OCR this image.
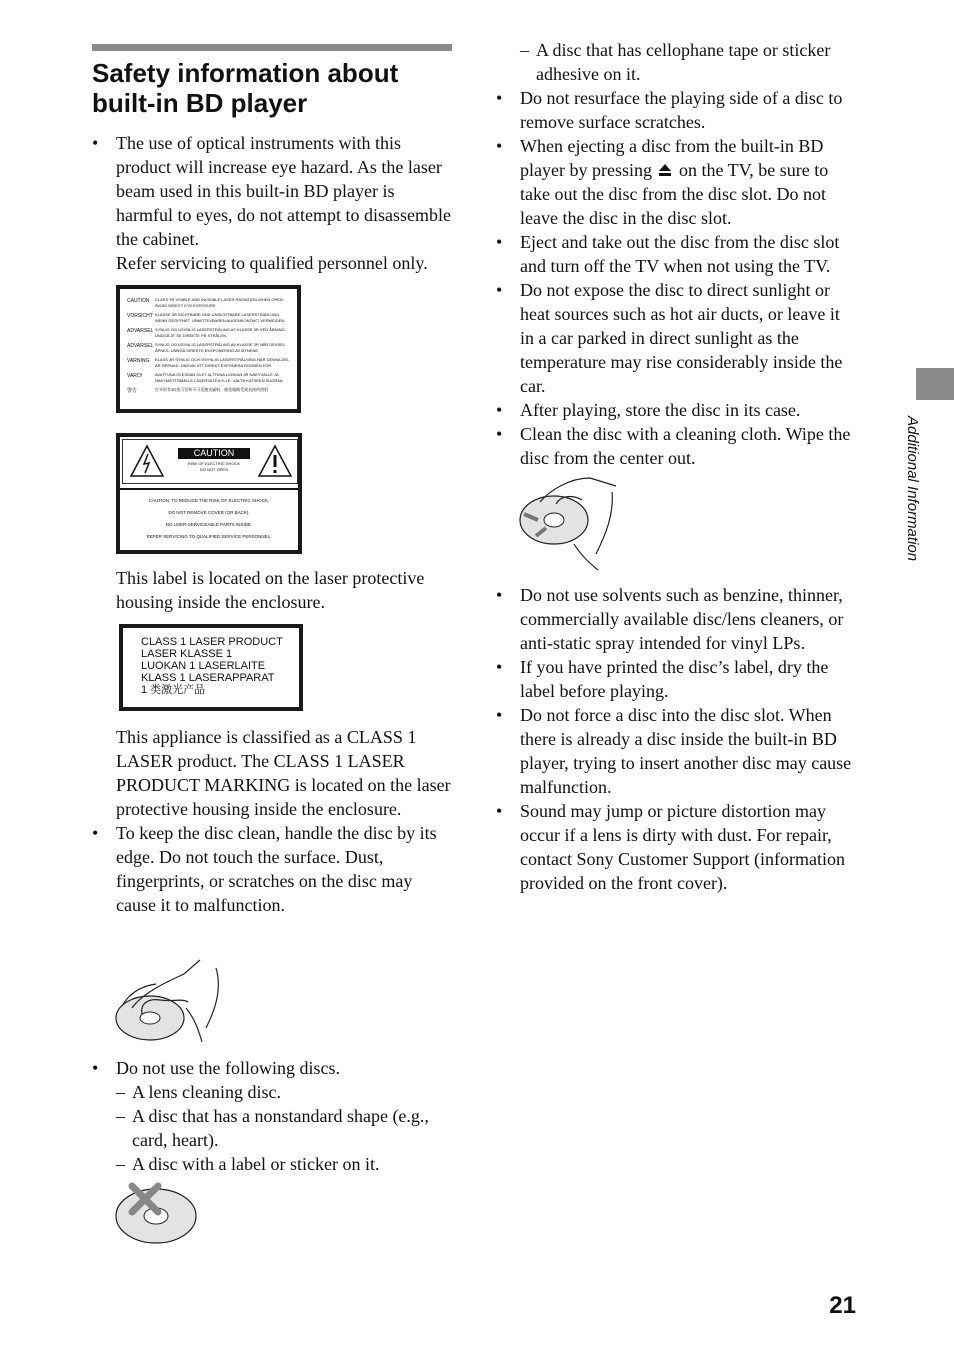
Safety information about built-in BD player
• The use of optical instruments with this product will increase eye hazard. As the laser beam used in this built-in BD player is harmful to eyes, do not attempt to disassemble the cabinet.
Refer servicing to qualified personnel only.
CAUTION	CLASS 3R VISIBLE AND INVISIBLE LASER RADIATION WHEN OPEN. AVOID DIRECT EYE EXPOSURE.
VORSICHT KLASSE 3R SICHTBARE UND UNSICHTBARE LASERSTRAHLUNG WENN GEÖFFNET. UNMITTELBAREN AUGENKONTAKT VERMEIDEN.
ADVARSEL SYNLIG OG USYNLIG LASERSTRÅLING AF KLASSE 3R VED ÅBNING. UNDGÅ AT SE DIREKTE PÅ STRÅLEN.
ADVARSEL SYNLIG OG USYNLIG LASERSTRÅLING AV KLASSE 3R NÅR DEKSEL ÅPNES. UNNGÅ DIREKTE EKSPONERING AV ØYNENE.
VARNING	KLASS 3R SYNLIG OCH OSYNLIG LASERSTRÅLNING NÄR DENNA DEL ÄR ÖPPNAD. UNDVIK ATT DIREKT EXPONERA ÖGONEN FÖR
VARO!	AVATTUNA OLESSAN OLET ALTTIINA LUOKAN 3R NÄKYVÄLLE JA NÄKYMÄTTÖMÄLLE LASERSÄTEILYLLE. VÄLTÄ KATSEEN SUORAA
警告	打开时有3R类可见和不可见激光辐射，避免眼睛受到直接的照射
CAUTION
RISK OF ELECTRIC SHOCK
DO NOT OPEN
CAUTION: TO REDUCE THE RISK OF ELECTRIC SHOCK,
DO NOT REMOVE COVER (OR BACK).
NO USER-SERVICEABLE PARTS INSIDE.
REFER SERVICING TO QUALIFIED SERVICE PERSONNEL.
This label is located on the laser protective housing inside the enclosure.
CLASS 1 LASER PRODUCT
LASER KLASSE 1
LUOKAN 1 LASERLAITE
KLASS 1 LASERAPPARAT
1 类激光产品
This appliance is classified as a CLASS 1 LASER product. The CLASS 1 LASER PRODUCT MARKING is located on the laser protective housing inside the enclosure.
• To keep the disc clean, handle the disc by its edge. Do not touch the surface. Dust, fingerprints, or scratches on the disc may cause it to malfunction.
• Do not use the following discs.
– A lens cleaning disc.
– A disc that has a nonstandard shape (e.g., card, heart).
– A disc with a label or sticker on it.
– A disc that has cellophane tape or sticker adhesive on it.
• Do not resurface the playing side of a disc to remove surface scratches.
• When ejecting a disc from the built-in BD player by pressing on the TV, be sure to take out the disc from the disc slot. Do not leave the disc in the disc slot.
• Eject and take out the disc from the disc slot and turn off the TV when not using the TV.
• Do not expose the disc to direct sunlight or heat sources such as hot air ducts, or leave it in a car parked in direct sunlight as the temperature may rise considerably inside the car.
• After playing, store the disc in its case.
• Clean the disc with a cleaning cloth. Wipe the disc from the center out.
• Do not use solvents such as benzine, thinner, commercially available disc/lens cleaners, or anti-static spray intended for vinyl LPs.
• If you have printed the disc’s label, dry the label before playing.
• Do not force a disc into the disc slot. When there is already a disc inside the built-in BD player, trying to insert another disc may cause malfunction.
• Sound may jump or picture distortion may occur if a lens is dirty with dust. For repair, contact Sony Customer Support (information provided on the front cover).
Additional Information
21
